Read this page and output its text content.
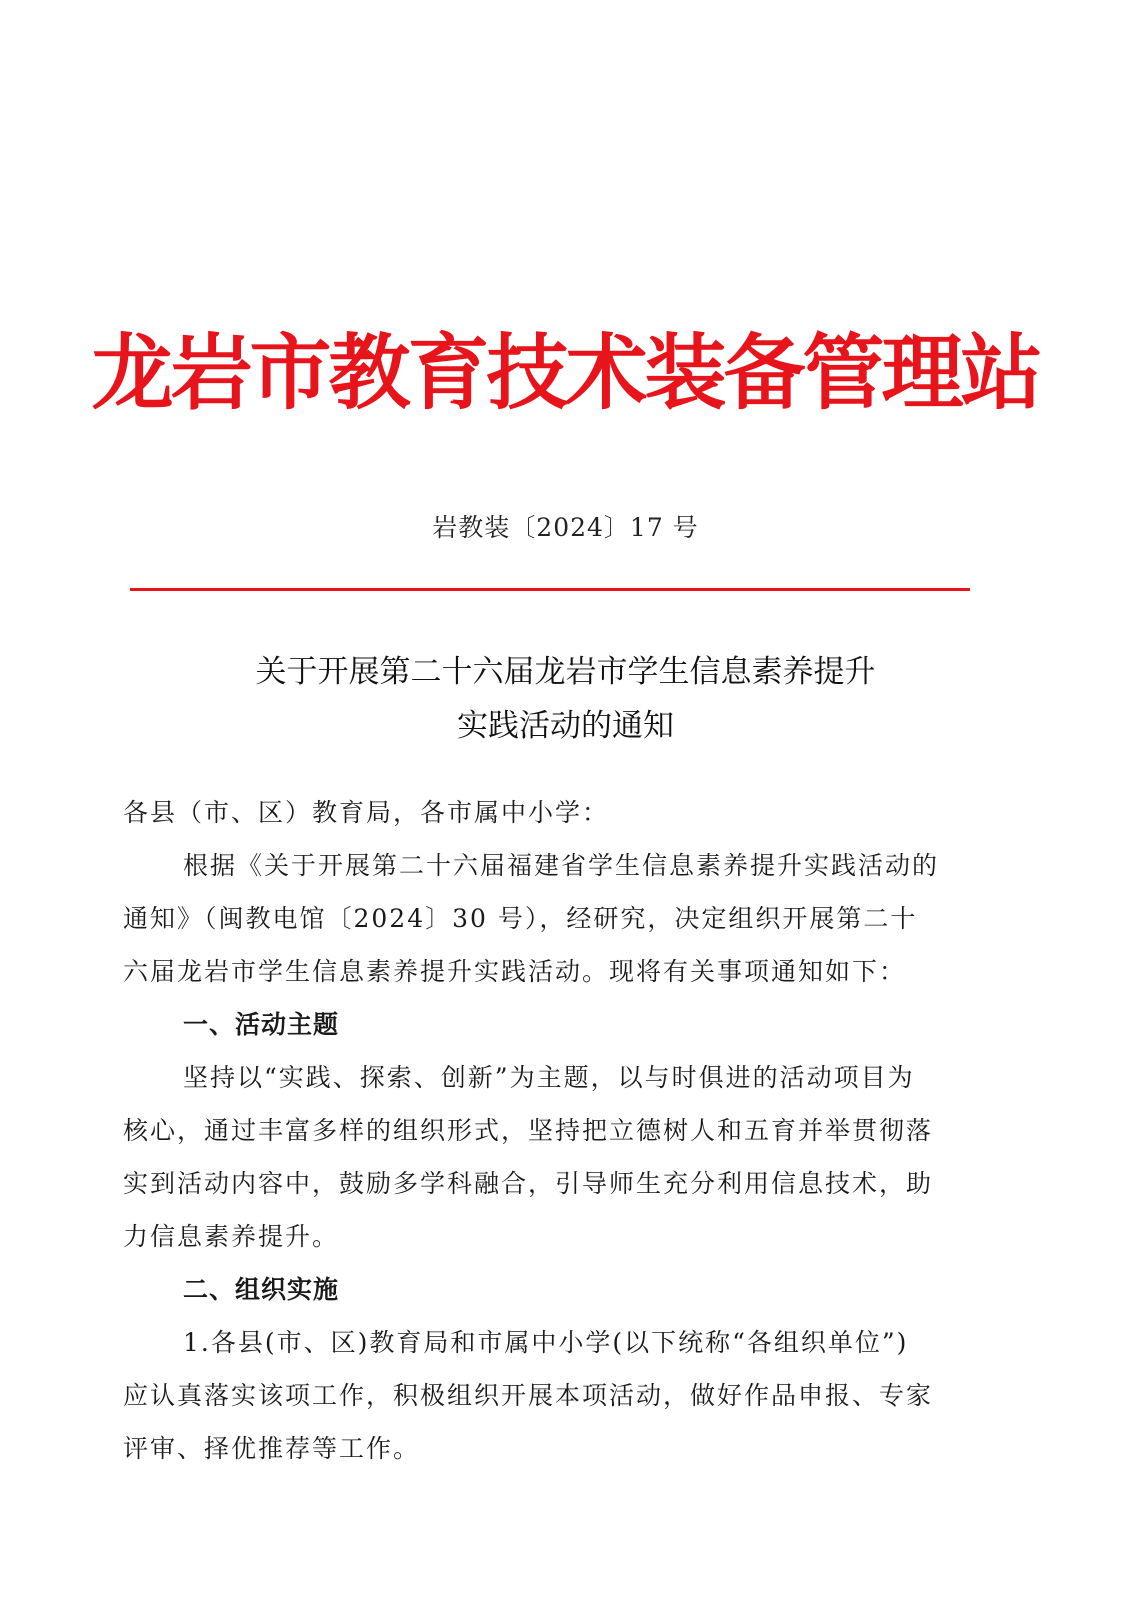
龙岩市教育技术装备管理站
岩教装〔2024〕17 号
关于开展第二十六届龙岩市学生信息素养提升
实践活动的通知
各县（市、区）教育局，各市属中小学：
根据《关于开展第二十六届福建省学生信息素养提升实践活动的
通知》（闽教电馆〔2024〕30 号），经研究，决定组织开展第二十
六届龙岩市学生信息素养提升实践活动。现将有关事项通知如下：
一、活动主题
坚持以“实践、探索、创新”为主题，以与时俱进的活动项目为
核心，通过丰富多样的组织形式，坚持把立德树人和五育并举贯彻落
实到活动内容中，鼓励多学科融合，引导师生充分利用信息技术，助
力信息素养提升。
二、组织实施
1.各县(市、区)教育局和市属中小学(以下统称“各组织单位”)
应认真落实该项工作，积极组织开展本项活动，做好作品申报、专家
评审、择优推荐等工作。
